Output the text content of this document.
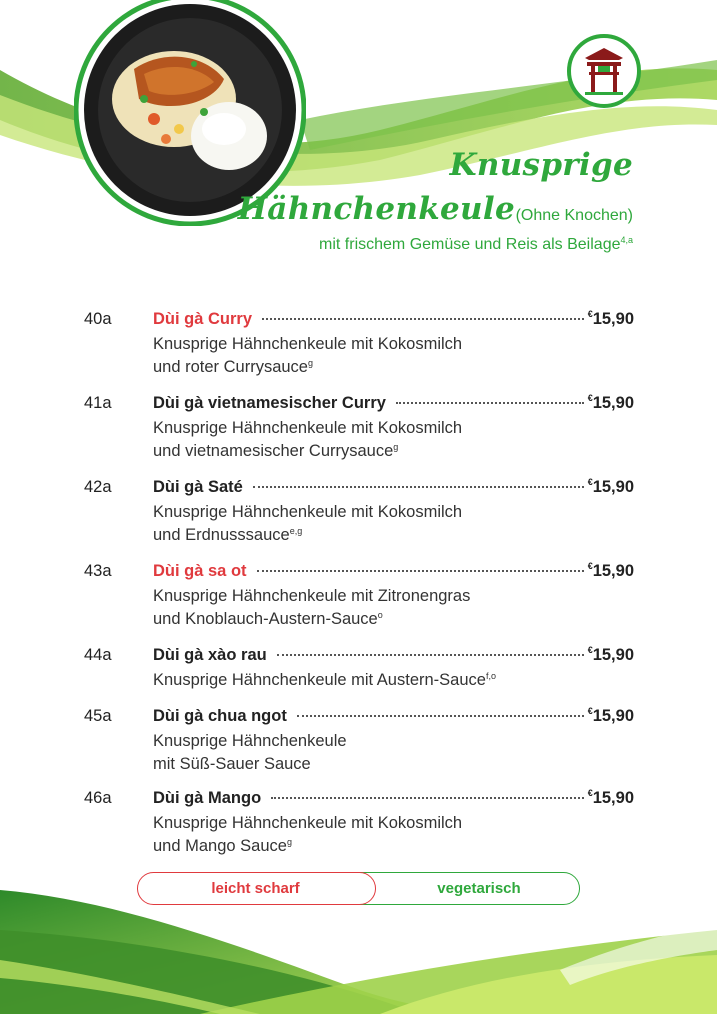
Knusprige
Hähnchenkeule (Ohne Knochen)
mit frischem Gemüse und Reis als Beilage$^{4,a}$
40a	Dùi gà Curry	€15,90
Knusprige Hähnchenkeule mit Kokosmilch
und roter Currysauce$^g$
41a	Dùi gà vietnamesischer Curry	€15,90
Knusprige Hähnchenkeule mit Kokosmilch
und vietnamesischer Currysauce$^g$
42a	Dùi gà Saté	€15,90
Knusprige Hähnchenkeule mit Kokosmilch
und Erdnusssauce$^{e,g}$
43a	Dùi gà sa ot	€15,90
Knusprige Hähnchenkeule mit Zitronengras
und Knoblauch-Austern-Sauce$^o$
44a	Dùi gà xào rau	€15,90
Knusprige Hähnchenkeule mit Austern-Sauce$^{f,o}$
45a	Dùi gà chua ngot	€15,90
Knusprige Hähnchenkeule
mit Süß-Sauer Sauce
46a	Dùi gà Mango	€15,90
Knusprige Hähnchenkeule mit Kokosmilch
und Mango Sauce$^g$
leicht scharf	vegetarisch
